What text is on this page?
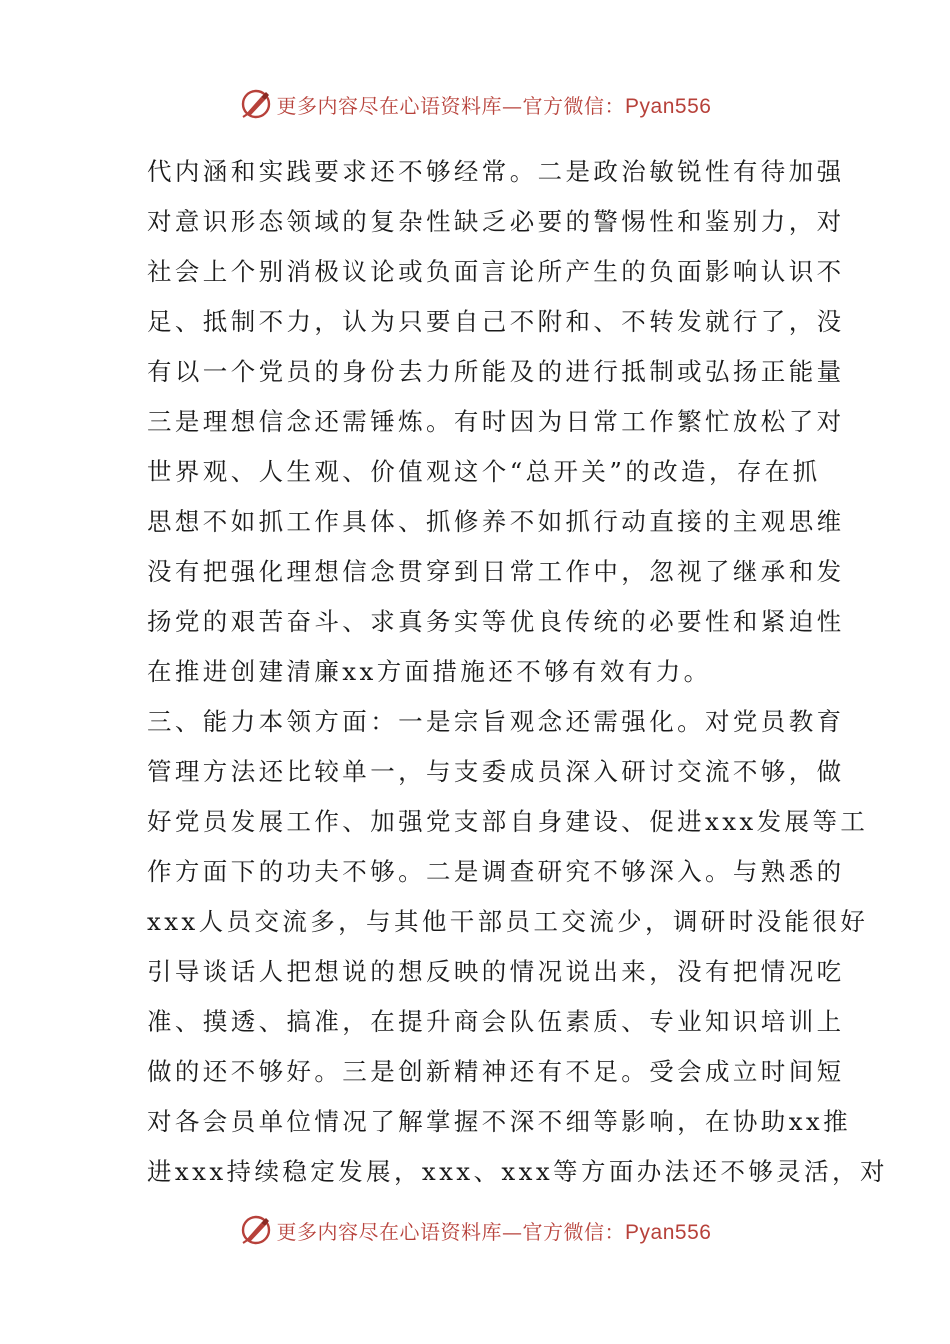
更多内容尽在心语资料库—官方微信：Pyan556
代内涵和实践要求还不够经常。二是政治敏锐性有待加强
对意识形态领域的复杂性缺乏必要的警惕性和鉴别力，对
社会上个别消极议论或负面言论所产生的负面影响认识不
足、抵制不力，认为只要自己不附和、不转发就行了，没
有以一个党员的身份去力所能及的进行抵制或弘扬正能量
三是理想信念还需锤炼。有时因为日常工作繁忙放松了对
世界观、人生观、价值观这个“总开关”的改造，存在抓
思想不如抓工作具体、抓修养不如抓行动直接的主观思维
没有把强化理想信念贯穿到日常工作中，忽视了继承和发
扬党的艰苦奋斗、求真务实等优良传统的必要性和紧迫性
在推进创建清廉xx方面措施还不够有效有力。
三、能力本领方面：一是宗旨观念还需强化。对党员教育
管理方法还比较单一，与支委成员深入研讨交流不够，做
好党员发展工作、加强党支部自身建设、促进xxx发展等工
作方面下的功夫不够。二是调查研究不够深入。与熟悉的
xxx人员交流多，与其他干部员工交流少，调研时没能很好
引导谈话人把想说的想反映的情况说出来，没有把情况吃
准、摸透、搞准，在提升商会队伍素质、专业知识培训上
做的还不够好。三是创新精神还有不足。受会成立时间短
对各会员单位情况了解掌握不深不细等影响，在协助xx推
进xxx持续稳定发展，xxx、xxx等方面办法还不够灵活，对
更多内容尽在心语资料库—官方微信：Pyan556
